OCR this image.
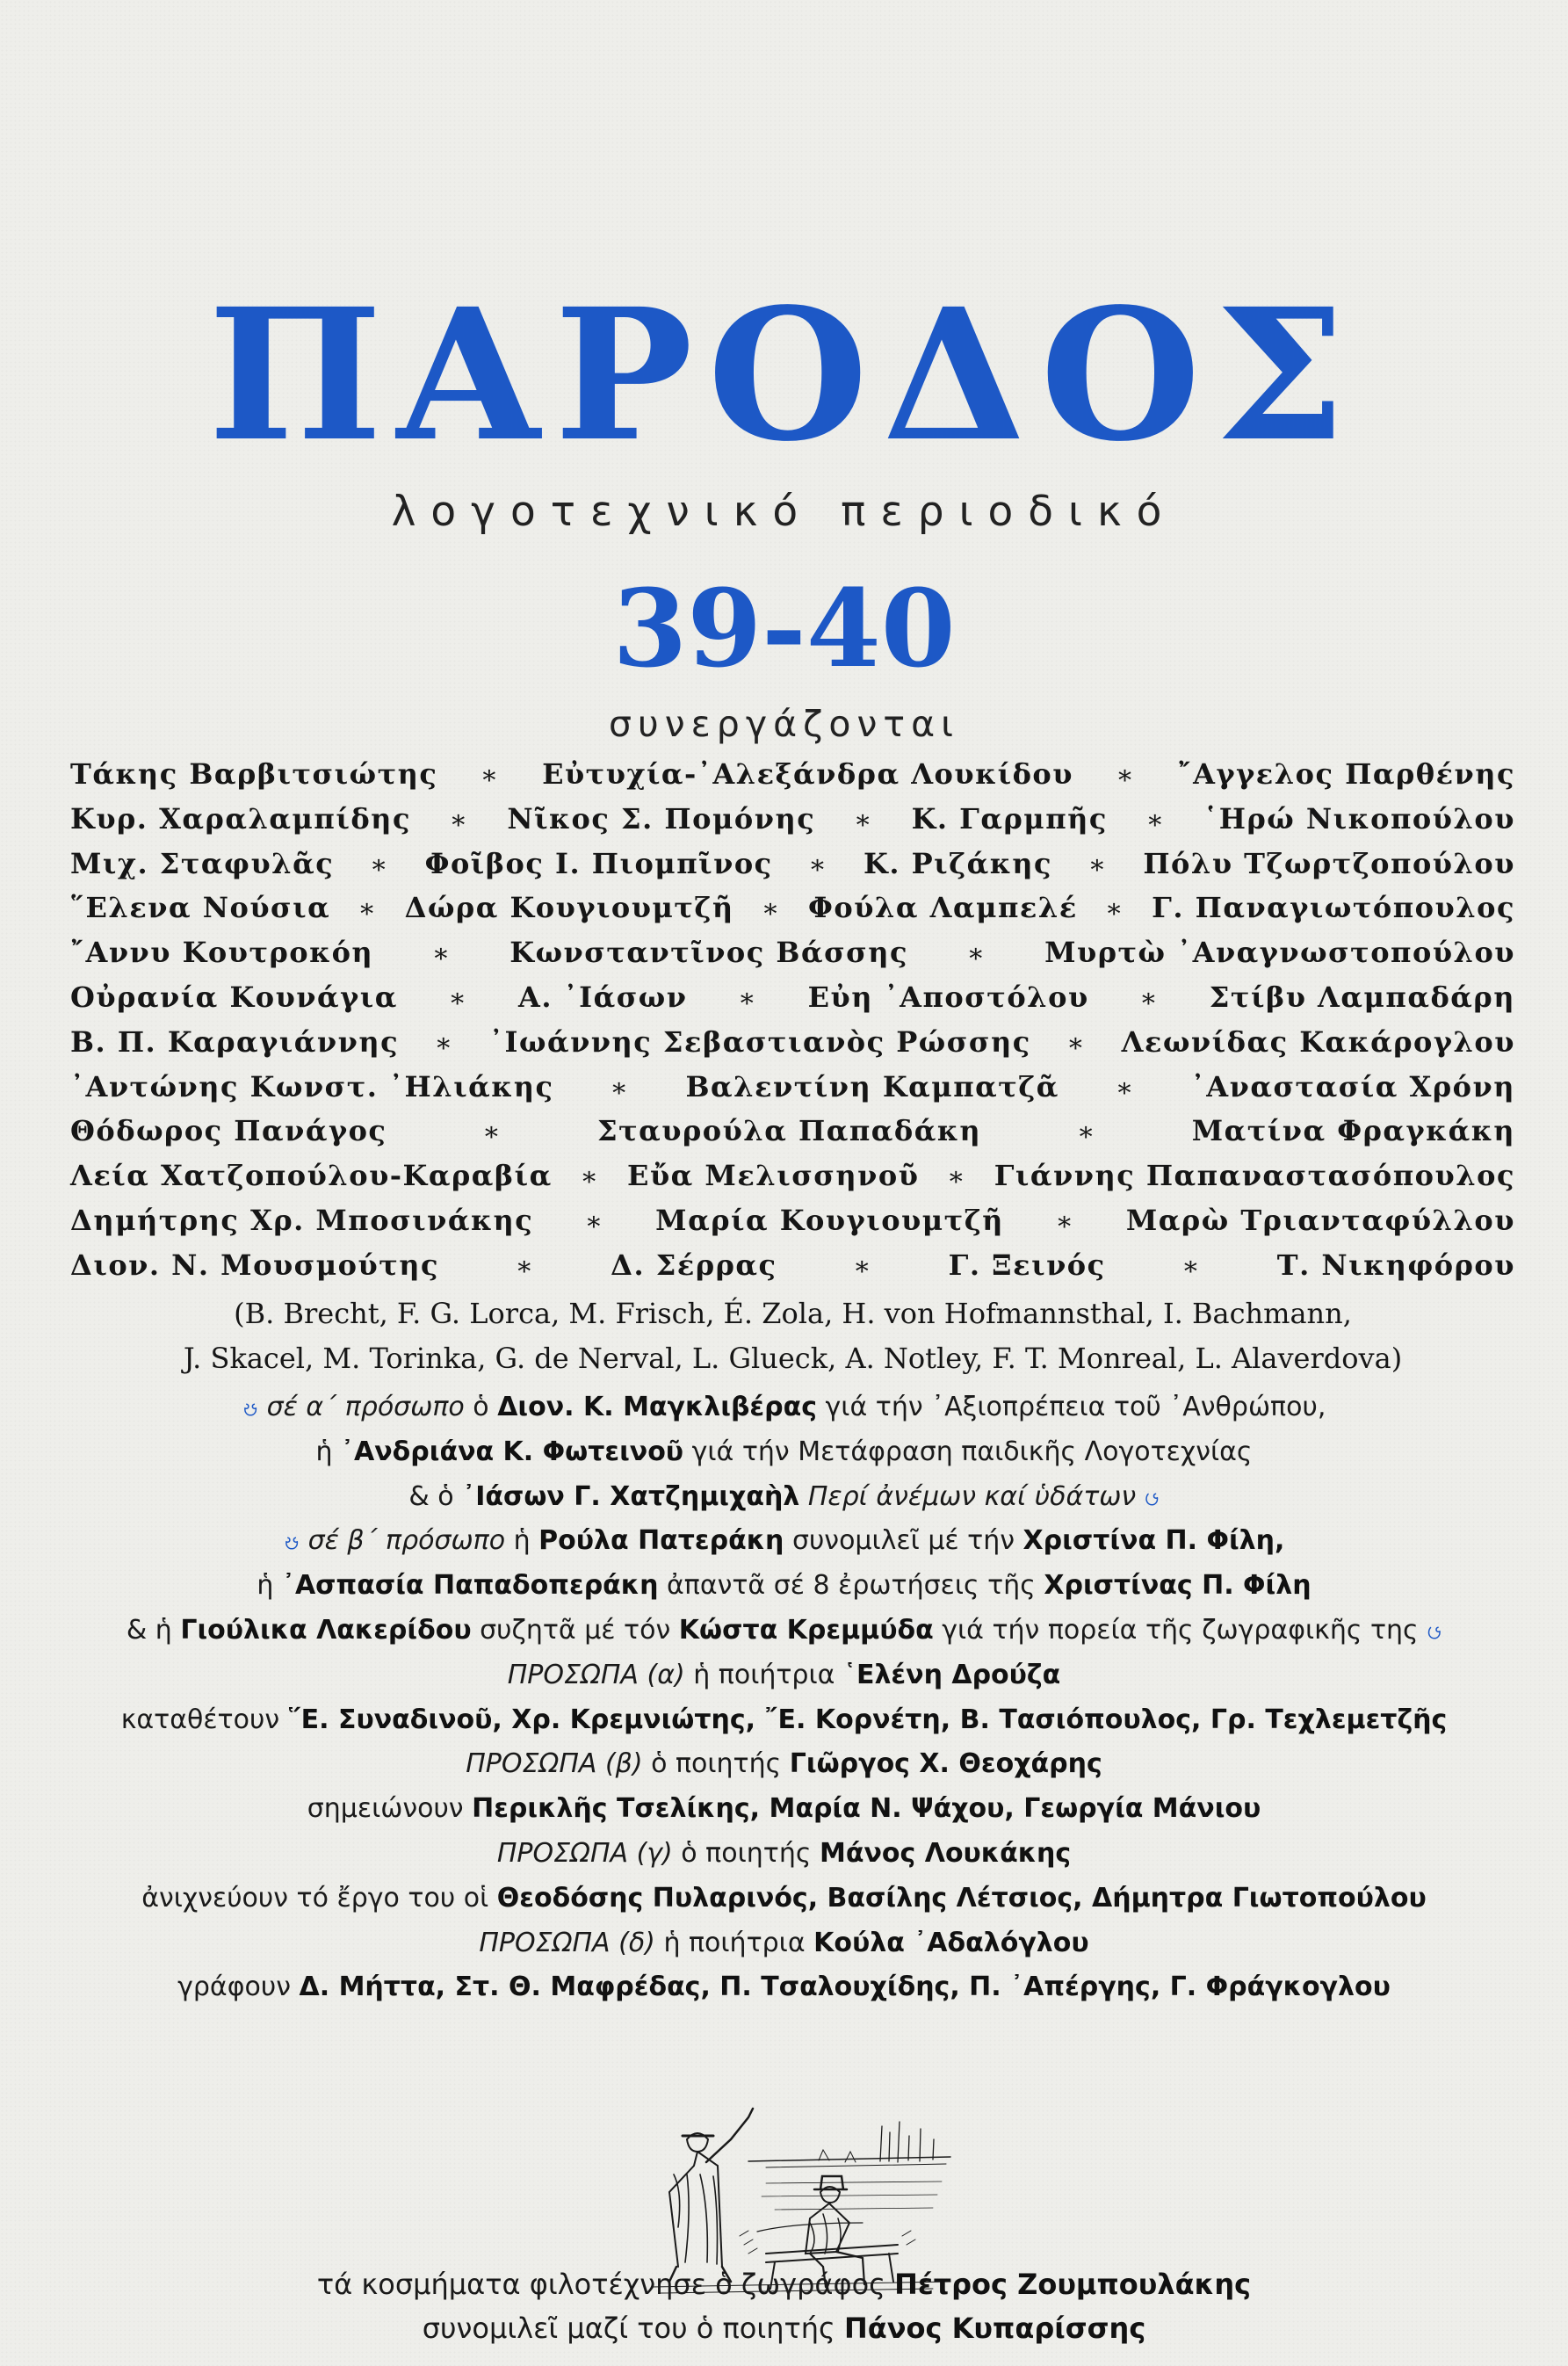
ΠΑΡΟΔΟΣ
λογοτεχνικό περιοδικό
39-40
συνεργάζονται
Τάκης Βαρβιτσιώτης ∗ Εὐτυχία-᾿Αλεξάνδρα Λουκίδου ∗ ῎Αγγελος Παρθένης
Κυρ. Χαραλαμπίδης ∗ Νῖκος Σ. Πομόνης ∗ Κ. Γαρμπῆς ∗ ῾Ηρώ Νικοπούλου
Μιχ. Σταφυλᾶς ∗ Φοῖβος Ι. Πιομπῖνος ∗ Κ. Ριζάκης ∗ Πόλυ Τζωρτζοπούλου
῞Ελενα Νούσια ∗ Δώρα Κουγιουμτζῆ ∗ Φούλα Λαμπελέ ∗ Γ. Παναγιωτόπουλος
῎Αννυ Κουτροκόη ∗ Κωνσταντῖνος Βάσσης ∗ Μυρτὼ ᾿Αναγνωστοπούλου
Οὐρανία Κουνάγια ∗ Α. ᾿Ιάσων ∗ Εὐη ᾿Αποστόλου ∗ Στίβυ Λαμπαδάρη
Β. Π. Καραγιάννης ∗ ᾿Ιωάννης Σεβαστιανὸς Ρώσσης ∗ Λεωνίδας Κακάρογλου
᾿Αντώνης Κωνστ. ᾿Ηλιάκης ∗ Βαλεντίνη Καμπατζᾶ ∗ ᾿Αναστασία Χρόνη
Θόδωρος Πανάγος	∗	Σταυρούλα Παπαδάκη	∗	Ματίνα Φραγκάκη
Λεία Χατζοπούλου-Καραβία ∗ Εὔα Μελισσηνοῦ ∗ Γιάννης Παπαναστασόπουλος
Δημήτρης Χρ. Μποσινάκης ∗ Μαρία Κουγιουμτζῆ ∗ Μαρὼ Τριανταφύλλου
Διον. Ν. Μουσμούτης	∗	Δ. Σέρρας	∗	Γ. Ξεινός	∗	Τ. Νικηφόρου
(B. Brecht, F. G. Lorca, M. Frisch, É. Zola, H. von Hofmannsthal, I. Bachmann,
J. Skacel, M. Torinka, G. de Nerval, L. Glueck, A. Notley, F. T. Monreal, L. Alaverdova)
ၓ σέ α΄ πρόσωπο ὁ Διον. Κ. Μαγκλιβέρας γιά τήν ᾿Αξιοπρέπεια τοῦ ᾿Ανθρώπου,
ἡ ᾿Ανδριάνα Κ. Φωτεινοῦ γιά τήν Μετάφραση παιδικῆς Λογοτεχνίας
& ὁ ᾿Ιάσων Γ. Χατζημιχαὴλ Περί ἀνέμων καί ὑδάτων ၒ
ၓ σέ β΄ πρόσωπο ἡ Ρούλα Πατεράκη συνομιλεῖ μέ τήν Χριστίνα Π. Φίλη,
ἡ ᾿Ασπασία Παπαδοπεράκη ἀπαντᾶ σέ 8 ἐρωτήσεις τῆς Χριστίνας Π. Φίλη
& ἡ Γιούλικα Λακερίδου συζητᾶ μέ τόν Κώστα Κρεμμύδα γιά τήν πορεία τῆς ζωγραφικῆς της ၒ
ΠΡΟΣΩΠΑ (α) ἡ ποιήτρια ῾Ελένη Δρούζα
καταθέτουν ῞Ε. Συναδινοῦ, Χρ. Κρεμνιώτης, ῎Ε. Κορνέτη, Β. Τασιόπουλος, Γρ. Τεχλεμετζῆς
ΠΡΟΣΩΠΑ (β) ὁ ποιητής Γιῶργος Χ. Θεοχάρης
σημειώνουν Περικλῆς Τσελίκης, Μαρία Ν. Ψάχου, Γεωργία Μάνιου
ΠΡΟΣΩΠΑ (γ) ὁ ποιητής Μάνος Λουκάκης
ἀνιχνεύουν τό ἔργο του οἱ Θεοδόσης Πυλαρινός, Βασίλης Λέτσιος, Δήμητρα Γιωτοπούλου
ΠΡΟΣΩΠΑ (δ) ἡ ποιήτρια Κούλα ᾿Αδαλόγλου
γράφουν Δ. Μήττα, Στ. Θ. Μαφρέδας, Π. Τσαλουχίδης, Π. ᾿Απέργης, Γ. Φράγκογλου
τά κοσμήματα φιλοτέχνησε ὁ ζωγράφος Πέτρος Ζουμπουλάκης
συνομιλεῖ μαζί του ὁ ποιητής Πάνος Κυπαρίσσης
